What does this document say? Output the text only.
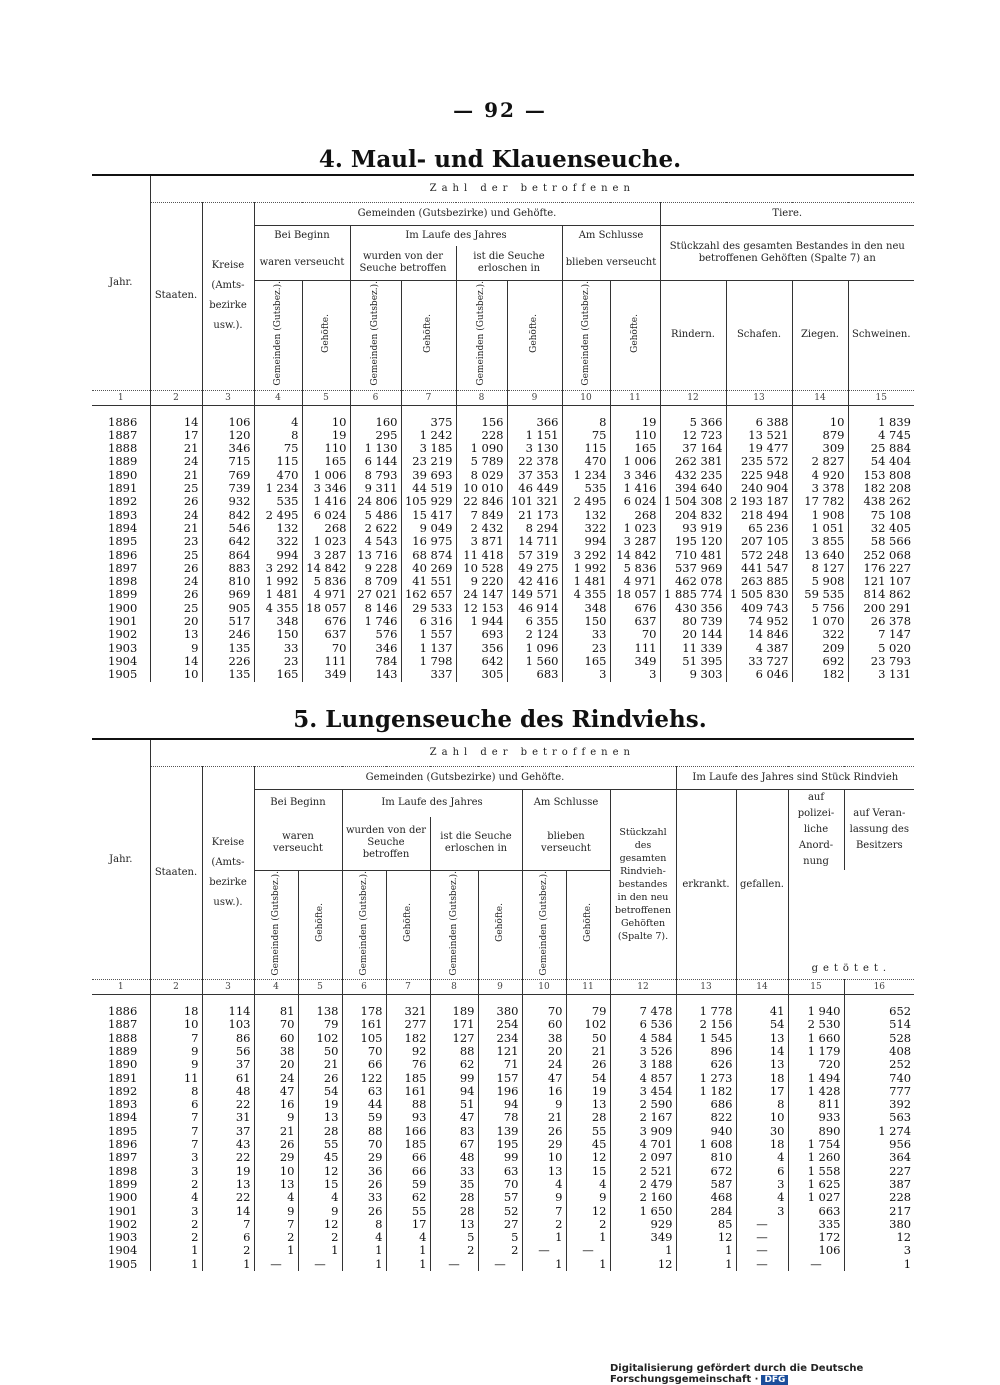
— 92 —
4. Maul- und Klauenseuche.
Jahr.	Zahl der betroffenen													
	Staaten.	Kreise (Amts- bezirke usw.).	Gemeinden (Gutsbezirke) und Gehöfte.								Tiere.			
			Bei Beginn		Im Laufe des Jahres				Am Schlusse		Stückzahl des gesamten Bestandes in den neu betroffenen Gehöften (Spalte 7) an			
			waren verseucht		wurden von der Seuche betroffen		ist die Seuche erloschen in		blieben verseucht					
			Gemeinden (Gutsbez.).	Gehöfte.	Gemeinden (Gutsbez.).	Gehöfte.	Gemeinden (Gutsbez.).	Gehöfte.	Gemeinden (Gutsbez.).	Gehöfte.	Rindern.	Schafen.	Ziegen.	Schweinen.
1	2	3	4	5	6	7	8	9	10	11	12	13	14	15
1886	14	106	4	10	160	375	156	366	8	19	5 366	6 388	10	1 839
1887	17	120	8	19	295	1 242	228	1 151	75	110	12 723	13 521	879	4 745
1888	21	346	75	110	1 130	3 185	1 090	3 130	115	165	37 164	19 477	309	25 884
1889	24	715	115	165	6 144	23 219	5 789	22 378	470	1 006	262 381	235 572	2 827	54 404
1890	21	769	470	1 006	8 793	39 693	8 029	37 353	1 234	3 346	432 235	225 948	4 920	153 808
1891	25	739	1 234	3 346	9 311	44 519	10 010	46 449	535	1 416	394 640	240 904	3 378	182 208
1892	26	932	535	1 416	24 806	105 929	22 846	101 321	2 495	6 024	1 504 308	2 193 187	17 782	438 262
1893	24	842	2 495	6 024	5 486	15 417	7 849	21 173	132	268	204 832	218 494	1 908	75 108
1894	21	546	132	268	2 622	9 049	2 432	8 294	322	1 023	93 919	65 236	1 051	32 405
1895	23	642	322	1 023	4 543	16 975	3 871	14 711	994	3 287	195 120	207 105	3 855	58 566
1896	25	864	994	3 287	13 716	68 874	11 418	57 319	3 292	14 842	710 481	572 248	13 640	252 068
1897	26	883	3 292	14 842	9 228	40 269	10 528	49 275	1 992	5 836	537 969	441 547	8 127	176 227
1898	24	810	1 992	5 836	8 709	41 551	9 220	42 416	1 481	4 971	462 078	263 885	5 908	121 107
1899	26	969	1 481	4 971	27 021	162 657	24 147	149 571	4 355	18 057	1 885 774	1 505 830	59 535	814 862
1900	25	905	4 355	18 057	8 146	29 533	12 153	46 914	348	676	430 356	409 743	5 756	200 291
1901	20	517	348	676	1 746	6 316	1 944	6 355	150	637	80 739	74 952	1 070	26 378
1902	13	246	150	637	576	1 557	693	2 124	33	70	20 144	14 846	322	7 147
1903	9	135	33	70	346	1 137	356	1 096	23	111	11 339	4 387	209	5 020
1904	14	226	23	111	784	1 798	642	1 560	165	349	51 395	33 727	692	23 793
1905	10	135	165	349	143	337	305	683	3	3	9 303	6 046	182	3 131
5. Lungenseuche des Rindviehs.
Jahr.	Zahl der betroffenen														
	Staaten.	Kreise (Amts- bezirke usw.).	Gemeinden (Gutsbezirke) und Gehöfte.									Im Laufe des Jahres sind Stück Rindvieh			
			Bei Beginn		Im Laufe des Jahres				Am Schlusse		Stückzahl des gesamten Rindvieh- bestandes in den neu betroffenen Gehöften (Spalte 7).	erkrankt.	gefallen.	auf polizei- liche Anord- nung	auf Veran- lassung des Besitzers
			waren verseucht		wurden von der Seuche betroffen		ist die Seuche erloschen in		blieben verseucht						
			Gemeinden (Gutsbez.).	Gehöfte.	Gemeinden (Gutsbez.).	Gehöfte.	Gemeinden (Gutsbez.).	Gehöfte.	Gemeinden (Gutsbez.).	Gehöfte.				getötet.	
1	2	3	4	5	6	7	8	9	10	11	12	13	14	15	16
1886	18	114	81	138	178	321	189	380	70	79	7 478	1 778	41	1 940	652
1887	10	103	70	79	161	277	171	254	60	102	6 536	2 156	54	2 530	514
1888	7	86	60	102	105	182	127	234	38	50	4 584	1 545	13	1 660	528
1889	9	56	38	50	70	92	88	121	20	21	3 526	896	14	1 179	408
1890	9	37	20	21	66	76	62	71	24	26	3 188	626	13	720	252
1891	11	61	24	26	122	185	99	157	47	54	4 857	1 273	18	1 494	740
1892	8	48	47	54	63	161	94	196	16	19	3 454	1 182	17	1 428	777
1893	6	22	16	19	44	88	51	94	9	13	2 590	686	8	811	392
1894	7	31	9	13	59	93	47	78	21	28	2 167	822	10	933	563
1895	7	37	21	28	88	166	83	139	26	55	3 909	940	30	890	1 274
1896	7	43	26	55	70	185	67	195	29	45	4 701	1 608	18	1 754	956
1897	3	22	29	45	29	66	48	99	10	12	2 097	810	4	1 260	364
1898	3	19	10	12	36	66	33	63	13	15	2 521	672	6	1 558	227
1899	2	13	13	15	26	59	35	70	4	4	2 479	587	3	1 625	387
1900	4	22	4	4	33	62	28	57	9	9	2 160	468	4	1 027	228
1901	3	14	9	9	26	55	28	52	7	12	1 650	284	3	663	217
1902	2	7	7	12	8	17	13	27	2	2	929	85	—	335	380
1903	2	6	2	2	4	4	5	5	1	1	349	12	—	172	12
1904	1	2	1	1	1	1	2	2	—	—	1	1	—	106	3
1905	1	1	—	—	1	1	—	—	1	1	12	1	—	—	1
Digitalisierung gefördert durch die Deutsche Forschungsgemeinschaft · DFG
